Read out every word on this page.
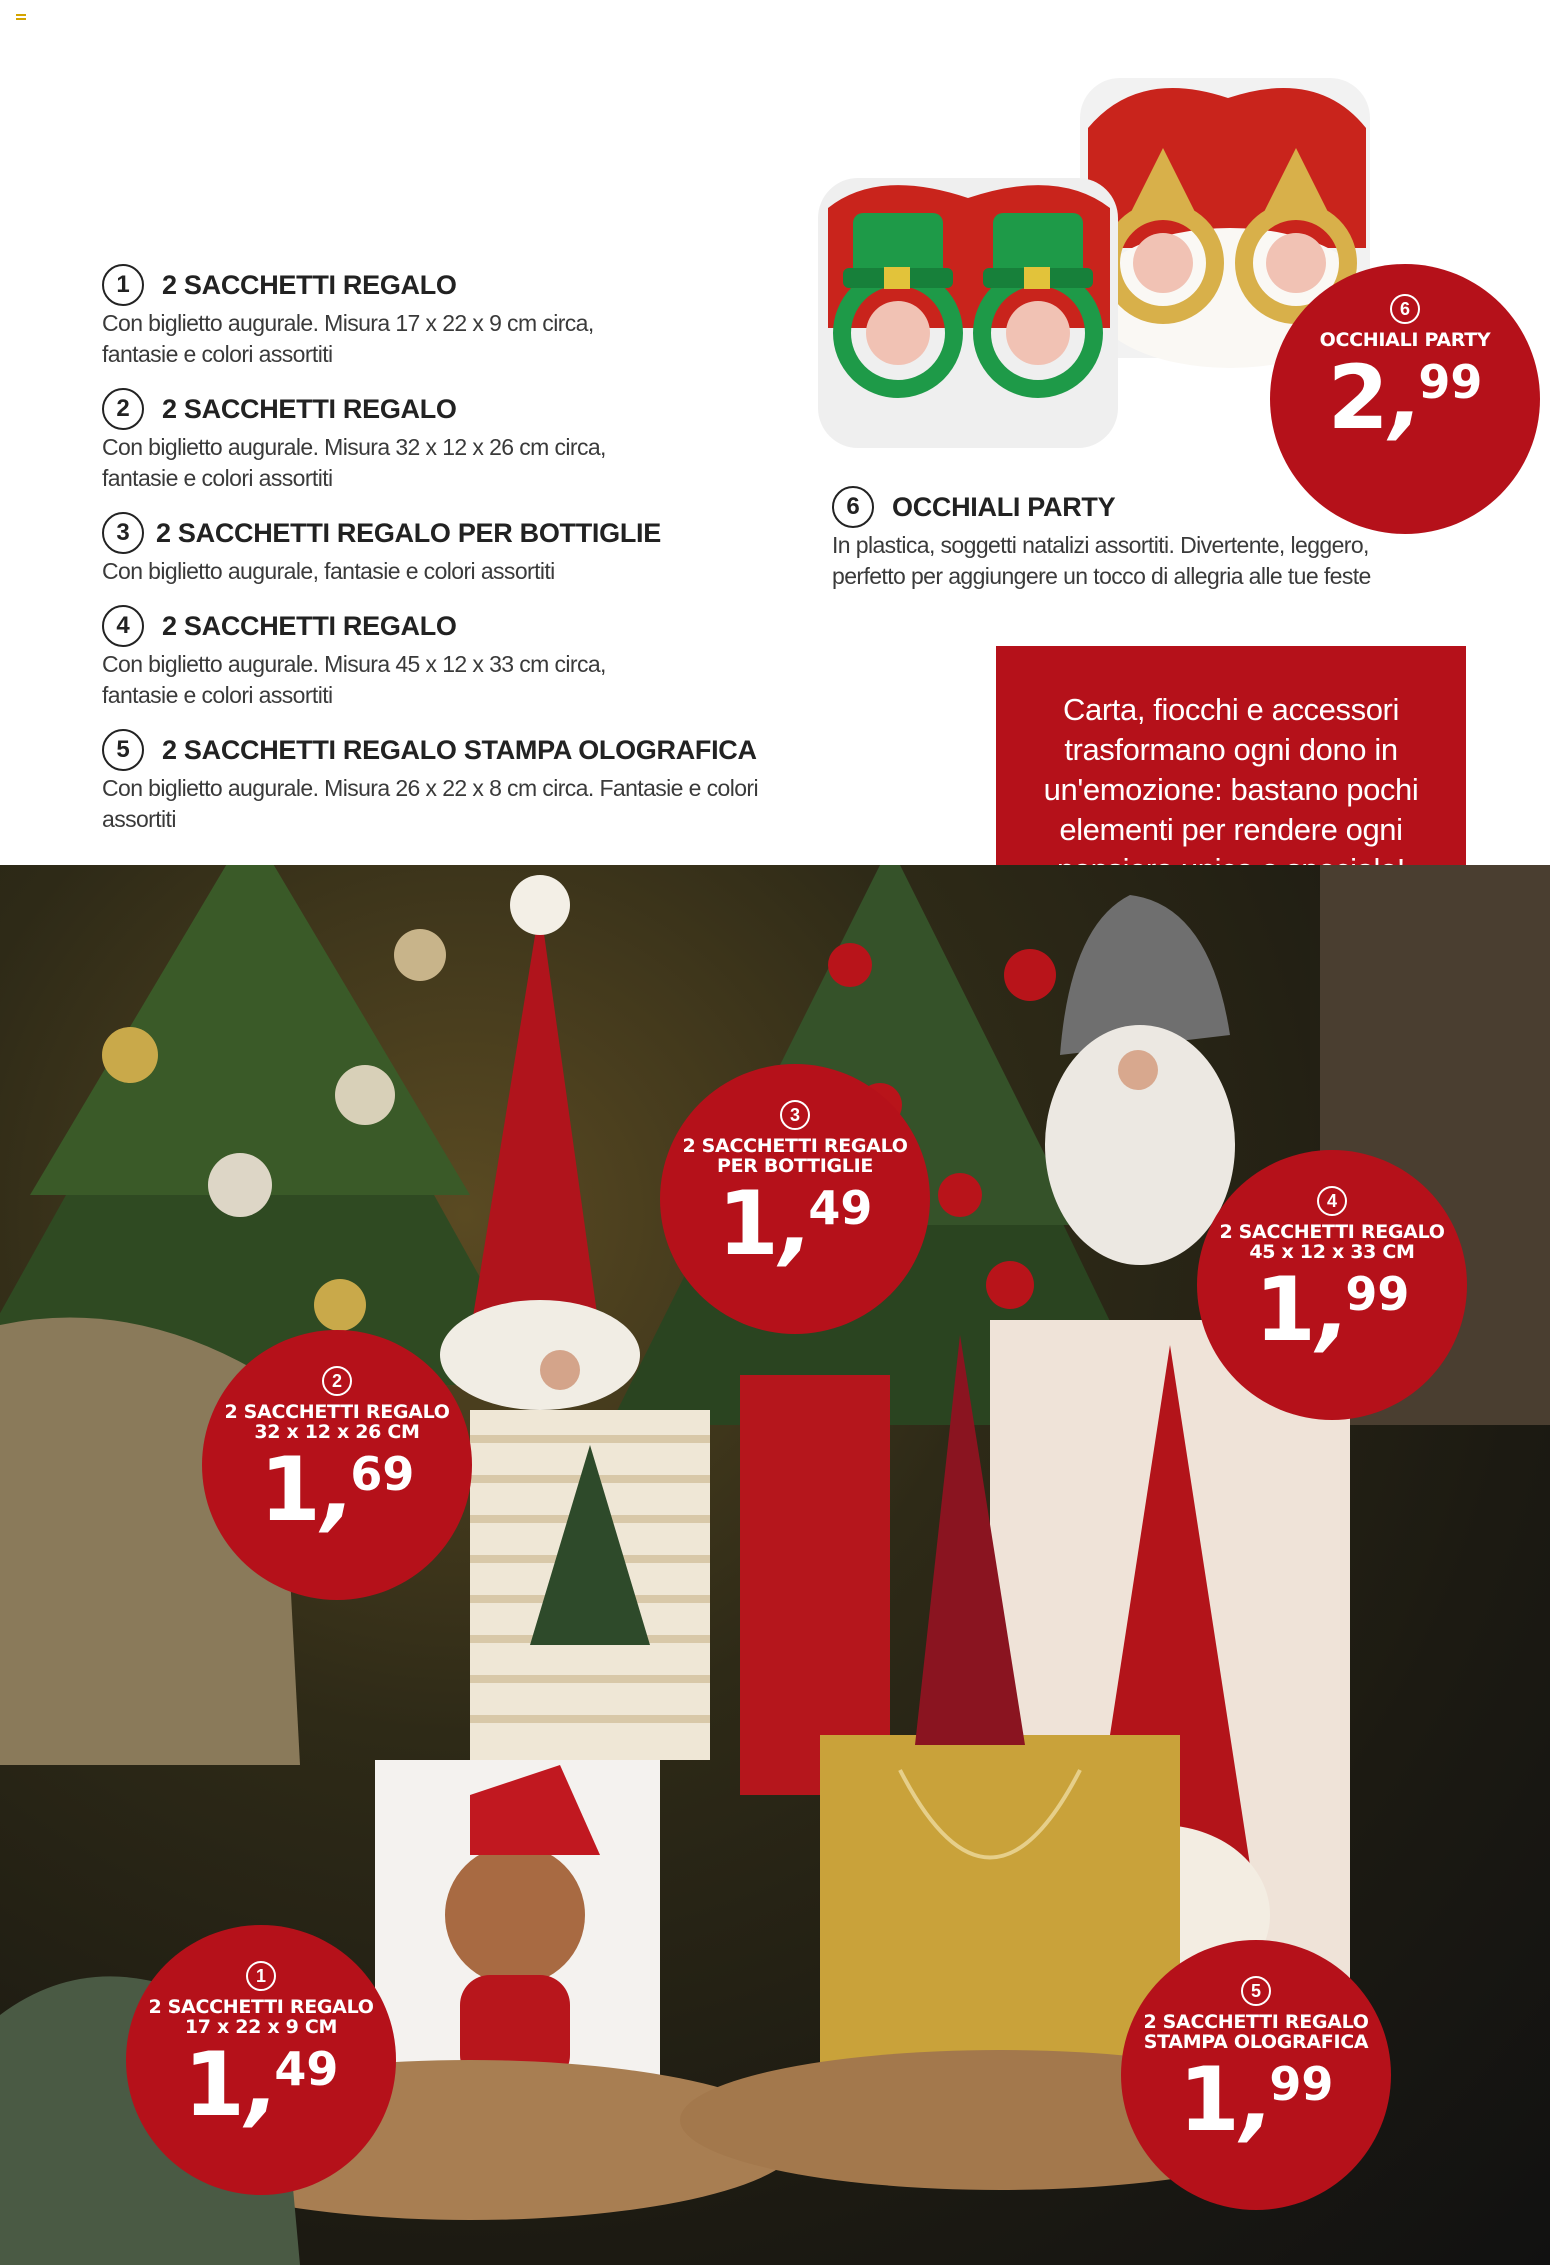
1	2 SACCHETTI REGALO
Con biglietto augurale. Misura 17 x 22 x 9 cm circa, fantasie e colori assortiti
2	2 SACCHETTI REGALO
Con biglietto augurale. Misura 32 x 12 x 26 cm circa, fantasie e colori assortiti
3 2 SACCHETTI REGALO PER BOTTIGLIE
Con biglietto augurale, fantasie e colori assortiti
4	2 SACCHETTI REGALO
Con biglietto augurale. Misura 45 x 12 x 33 cm circa, fantasie e colori assortiti
5	2 SACCHETTI REGALO STAMPA OLOGRAFICA
Con biglietto augurale. Misura 26 x 22 x 8 cm circa. Fantasie e colori assortiti
6	OCCHIALI PARTY
In plastica, soggetti natalizi assortiti. Divertente, leggero, perfetto per aggiungere un tocco di allegria alle tue feste
Carta, fiocchi e accessori trasformano ogni dono in un'emozione: bastano pochi elementi per rendere ogni
6
OCCHIALI PARTY
2
,
99
3
2 SACCHETTI REGALO
PER BOTTIGLIE
1
,
49	4
2 SACCHETTI REGALO
45 x 12 x 33 CM
1
,
99
2
2 SACCHETTI REGALO
32 x 12 x 26 CM
1
,
69
1
2 SACCHETTI REGALO
17 x 22 x 9 CM
1
,
49
5
2 SACCHETTI REGALO
STAMPA OLOGRAFICA
1
,
99
